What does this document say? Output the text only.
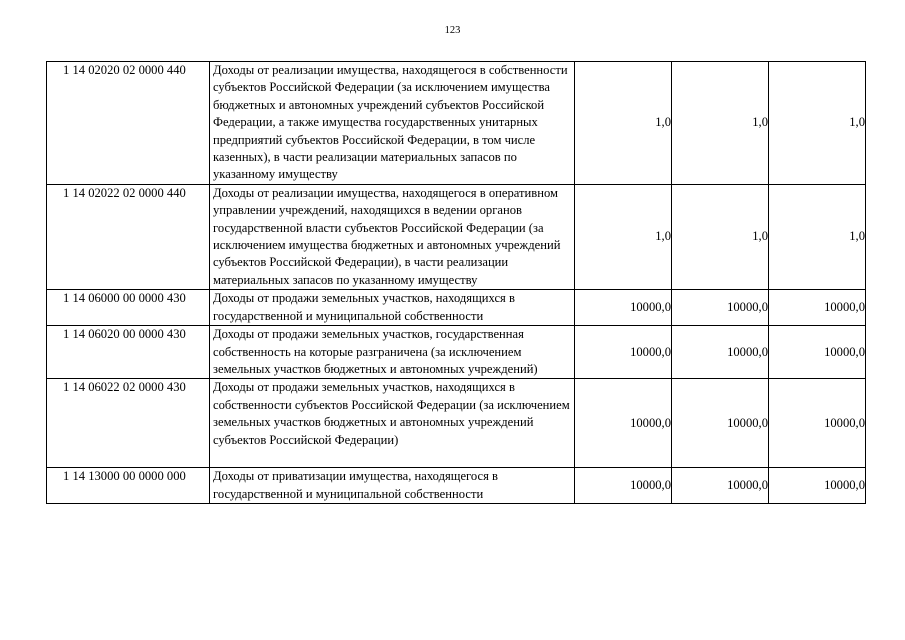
123
1 14 02020 02 0000 440	Доходы от реализации имущества, находящегося в собственности субъектов Российской Федерации (за исключением имущества бюджетных и автономных учреждений субъектов Российской Федерации, а также имущества государственных унитарных предприятий субъектов Российской Федерации, в том числе казенных), в части реализации материальных запасов по указанному имуществу	1,0	1,0	1,0
1 14 02022 02 0000 440	Доходы от реализации имущества, находящегося в оперативном управлении учреждений, находящихся в ведении органов государственной власти субъектов Российской Федерации (за исключением имущества бюджетных и автономных учреждений субъектов Российской Федерации), в части реализации материальных запасов по указанному имуществу	1,0	1,0	1,0
1 14 06000 00 0000 430	Доходы от продажи земельных участков, находящихся в государственной и муниципальной собственности	10000,0	10000,0	10000,0
1 14 06020 00 0000 430	Доходы от продажи земельных участков, государственная собственность на которые разграничена (за исключением земельных участков бюджетных и автономных учреждений)	10000,0	10000,0	10000,0
1 14 06022 02 0000 430	Доходы от продажи земельных участков, находящихся в собственности субъектов Российской Федерации (за исключением земельных участков бюджетных и автономных учреждений субъектов Российской Федерации)	10000,0	10000,0	10000,0
1 14 13000 00 0000 000	Доходы от приватизации имущества, находящегося в государственной и муниципальной собственности	10000,0	10000,0	10000,0
